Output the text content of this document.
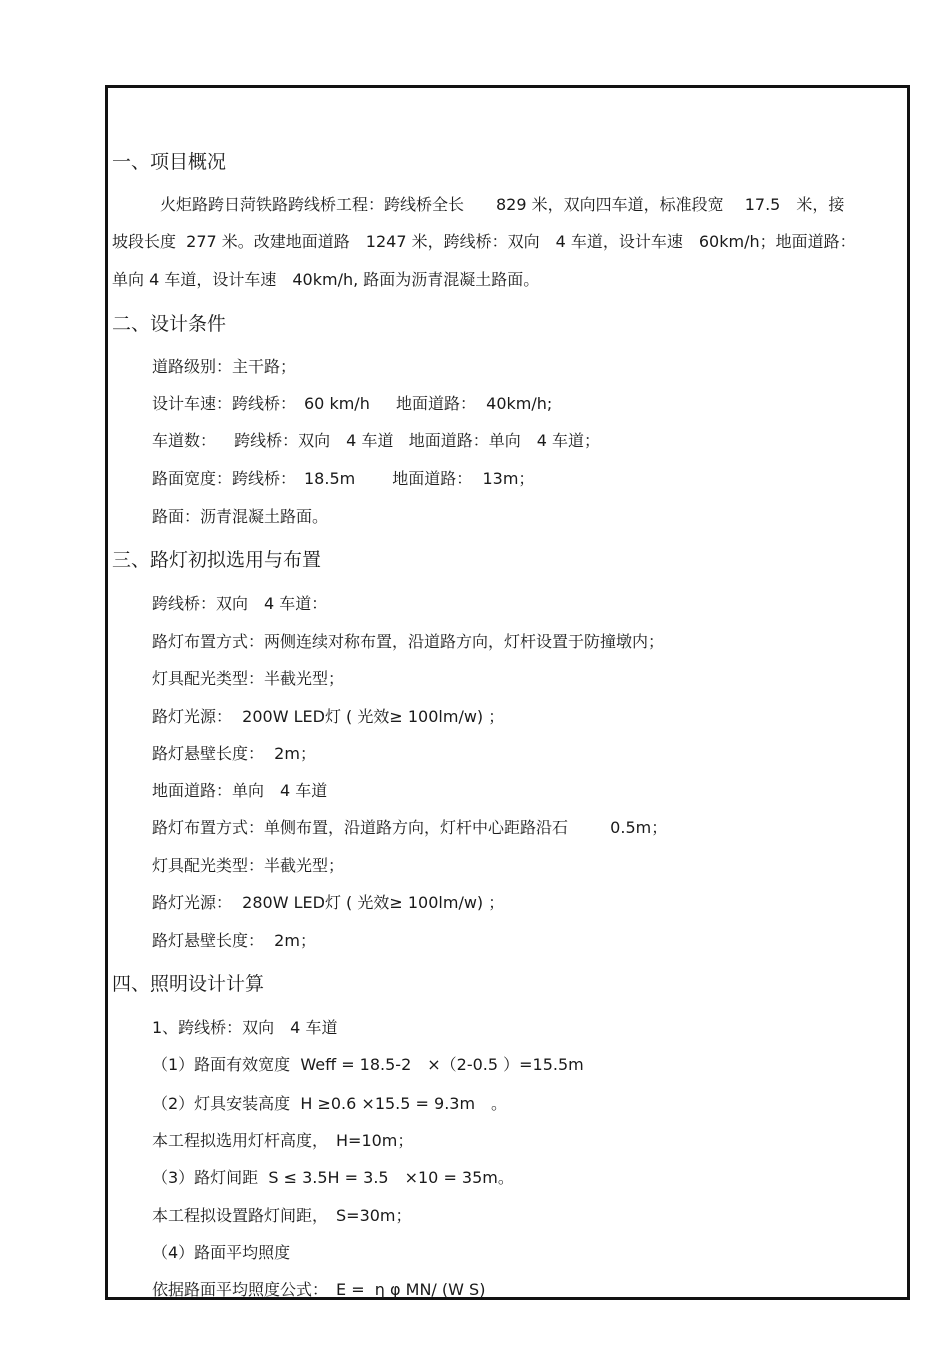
一、项目概况
火炬路跨日菏铁路跨线桥工程：跨线桥全长　　829 米，双向四车道，标准段宽　 17.5　米，接
坡段长度  277 米。改建地面道路　1247 米，跨线桥：双向　4 车道，设计车速　60km/h；地面道路：
单向 4 车道，设计车速　40km/h, 路面为沥青混凝土路面。
二、设计条件
道路级别：主干路；
设计车速：跨线桥：　60 km/h　  地面道路：  40km/h;
车道数：　  跨线桥：双向　4 车道   地面道路：单向　4 车道；
路面宽度：跨线桥：　18.5m　　 地面道路：  13m；
路面：沥青混凝土路面。
三、路灯初拟选用与布置
跨线桥：双向　4 车道：
路灯布置方式：两侧连续对称布置，沿道路方向，灯杆设置于防撞墩内；
灯具配光类型：半截光型；
路灯光源：  200W LED灯 ( 光效≥ 100lm/w) ；
路灯悬壁长度：  2m；
地面道路：单向　4 车道
路灯布置方式：单侧布置，沿道路方向，灯杆中心距路沿石　　  0.5m；
灯具配光类型：半截光型；
路灯光源：  280W LED灯 ( 光效≥ 100lm/w) ；
路灯悬壁长度：  2m；
四、照明设计计算
1、跨线桥：双向　4 车道
（1）路面有效宽度  Weff = 18.5-2　×（2-0.5 ）=15.5m
（2）灯具安装高度  H ≥0.6 ×15.5 = 9.3m　。
本工程拟选用灯杆高度，　H=10m；
（3）路灯间距  S ≤ 3.5H = 3.5　×10 = 35m。
本工程拟设置路灯间距，　S=30m；
（4）路面平均照度
依据路面平均照度公式：　E =  η φ MN/ (W S)
